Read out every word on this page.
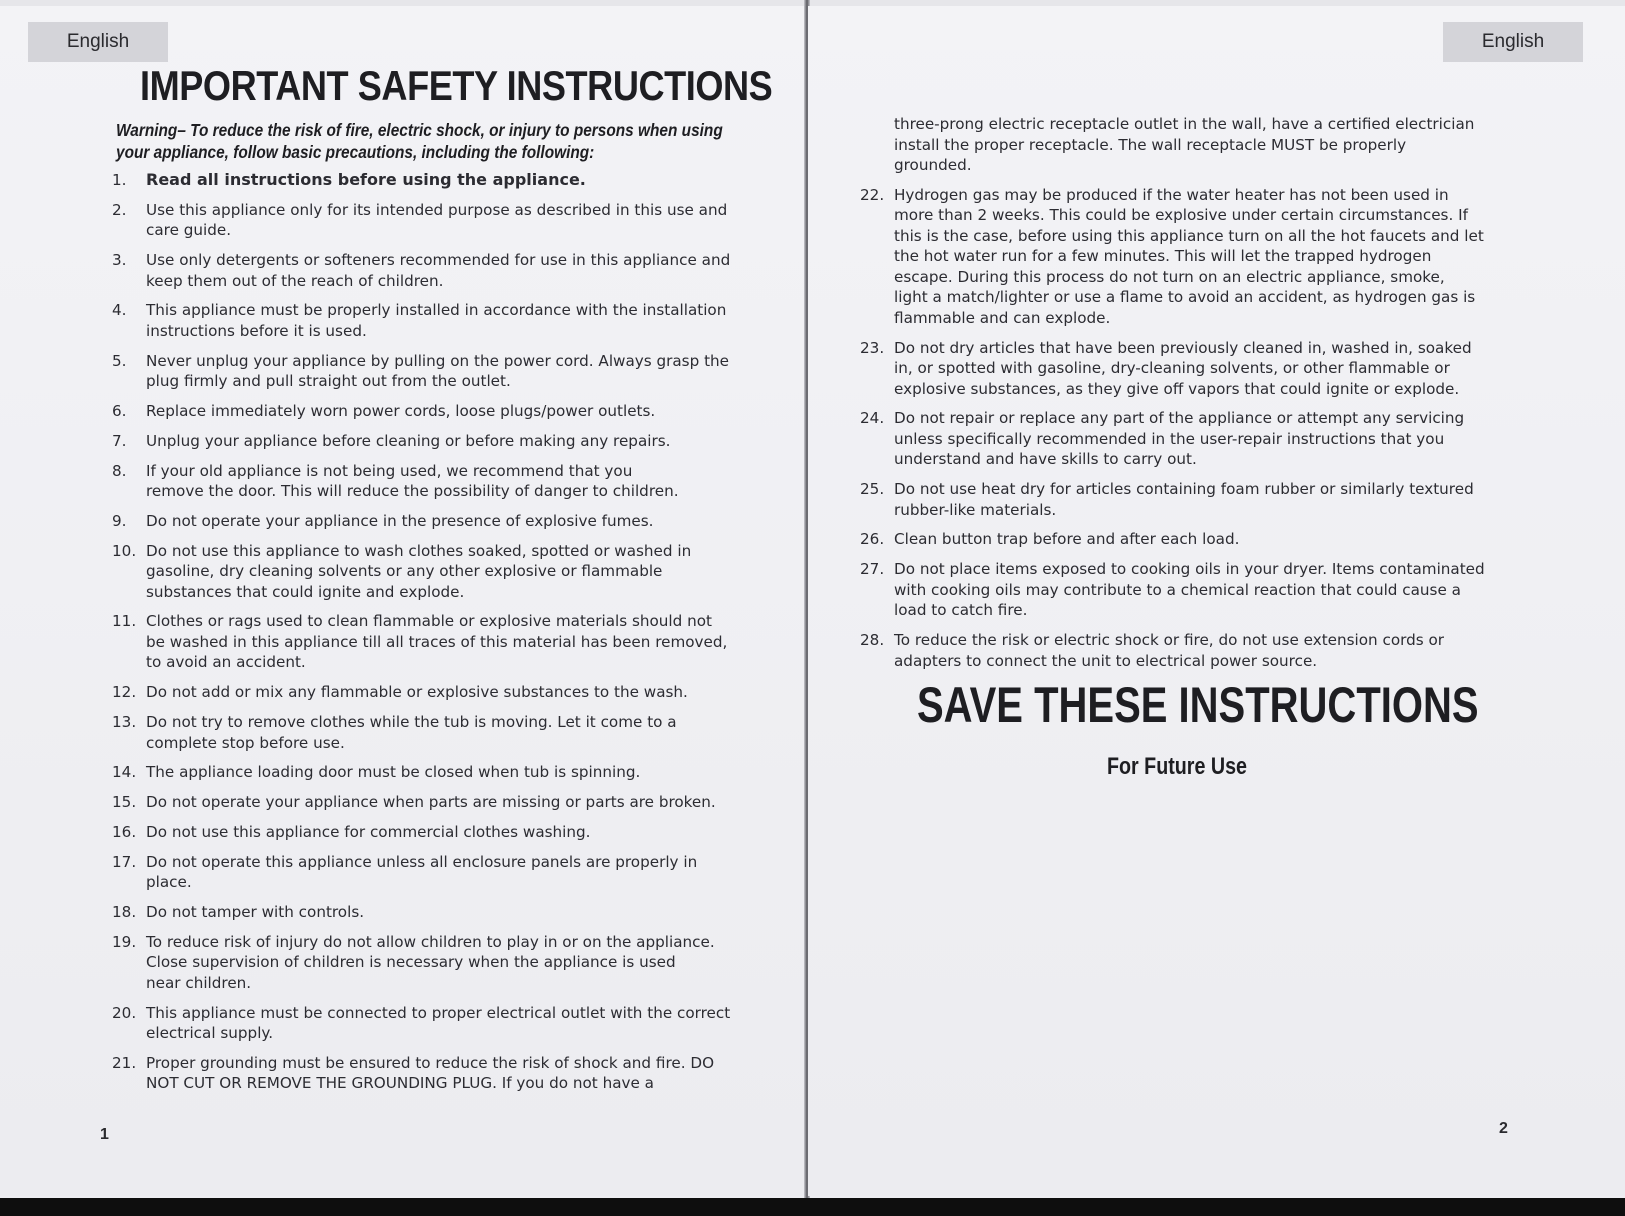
English
IMPORTANT SAFETY INSTRUCTIONS
Warning– To reduce the risk of fire, electric shock, or injury to persons when using your appliance, follow basic precautions, including the following:
1.	Read all instructions before using the appliance.
2.	Use this appliance only for its intended purpose as described in this use and
care guide.
3.	Use only detergents or softeners recommended for use in this appliance and
keep them out of the reach of children.
4.	This appliance must be properly installed in accordance with the installation
instructions before it is used.
5.	Never unplug your appliance by pulling on the power cord. Always grasp the
plug firmly and pull straight out from the outlet.
6.	Replace immediately worn power cords, loose plugs/power outlets.
7.	Unplug your appliance before cleaning or before making any repairs.
8.	If your old appliance is not being used, we recommend that you
remove the door. This will reduce the possibility of danger to children.
9.	Do not operate your appliance in the presence of explosive fumes.
10. Do not use this appliance to wash clothes soaked, spotted or washed in
gasoline, dry cleaning solvents or any other explosive or flammable
substances that could ignite and explode.
11. Clothes or rags used to clean flammable or explosive materials should not
be washed in this appliance till all traces of this material has been removed,
to avoid an accident.
12. Do not add or mix any flammable or explosive substances to the wash.
13. Do not try to remove clothes while the tub is moving. Let it come to a
complete stop before use.
14. The appliance loading door must be closed when tub is spinning.
15. Do not operate your appliance when parts are missing or parts are broken.
16. Do not use this appliance for commercial clothes washing.
17. Do not operate this appliance unless all enclosure panels are properly in
place.
18. Do not tamper with controls.
19. To reduce risk of injury do not allow children to play in or on the appliance.
Close supervision of children is necessary when the appliance is used
near children.
20. This appliance must be connected to proper electrical outlet with the correct
electrical supply.
21. Proper grounding must be ensured to reduce the risk of shock and fire. DO
NOT CUT OR REMOVE THE GROUNDING PLUG. If you do not have a
1
English
three-prong electric receptacle outlet in the wall, have a certified electrician
install the proper receptacle. The wall receptacle MUST be properly
grounded.
22. Hydrogen gas may be produced if the water heater has not been used in
more than 2 weeks. This could be explosive under certain circumstances. If
this is the case, before using this appliance turn on all the hot faucets and let
the hot water run for a few minutes. This will let the trapped hydrogen
escape. During this process do not turn on an electric appliance, smoke,
light a match/lighter or use a flame to avoid an accident, as hydrogen gas is
flammable and can explode.
23. Do not dry articles that have been previously cleaned in, washed in, soaked
in, or spotted with gasoline, dry-cleaning solvents, or other flammable or
explosive substances, as they give off vapors that could ignite or explode.
24. Do not repair or replace any part of the appliance or attempt any servicing
unless specifically recommended in the user-repair instructions that you
understand and have skills to carry out.
25. Do not use heat dry for articles containing foam rubber or similarly textured
rubber-like materials.
26. Clean button trap before and after each load.
27. Do not place items exposed to cooking oils in your dryer. Items contaminated
with cooking oils may contribute to a chemical reaction that could cause a
load to catch fire.
28. To reduce the risk or electric shock or fire, do not use extension cords or
adapters to connect the unit to electrical power source.
SAVE THESE INSTRUCTIONS
For Future Use
2
